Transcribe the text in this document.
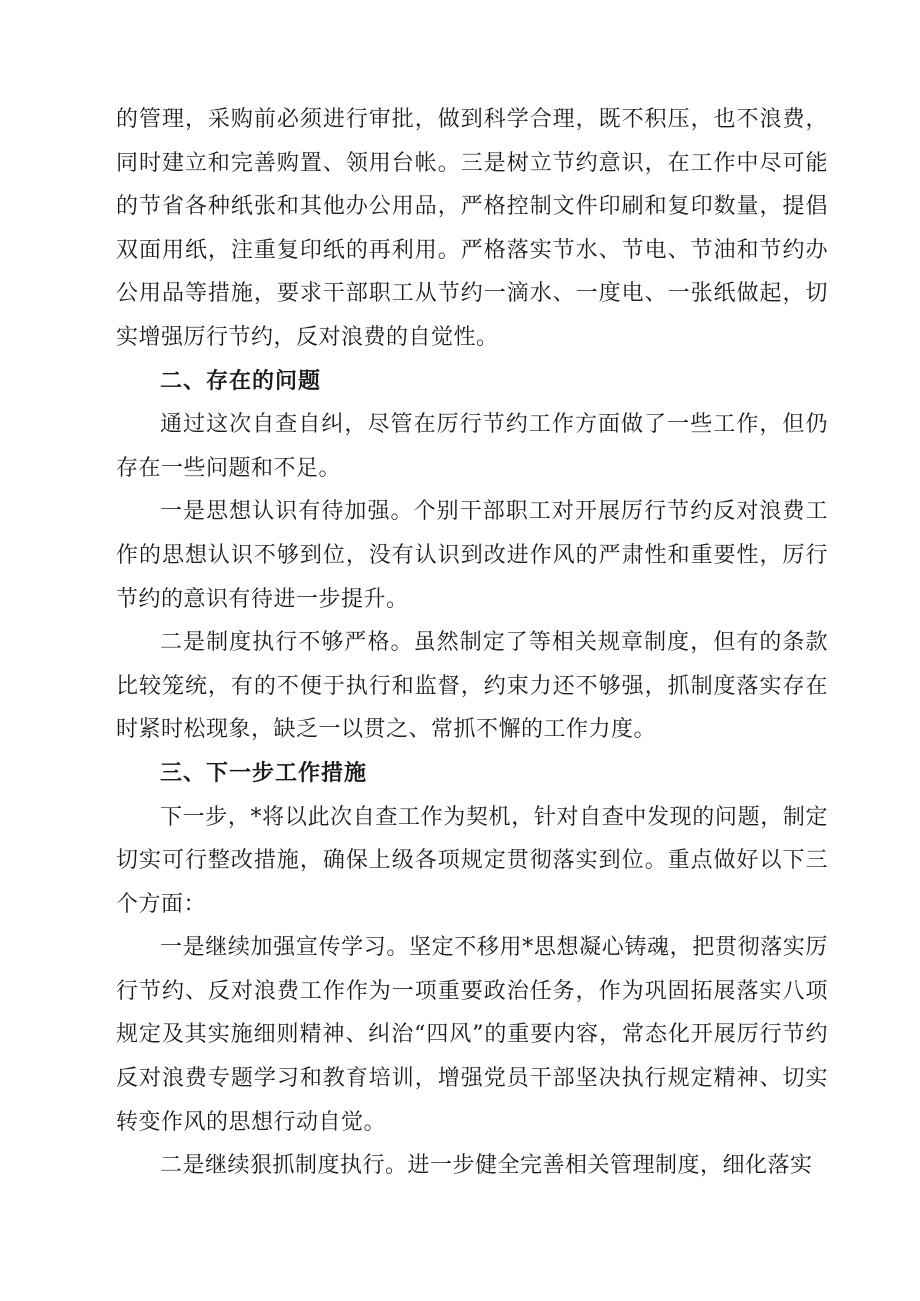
的管理，采购前必须进行审批，做到科学合理，既不积压，也不浪费，同时建立和完善购置、领用台帐。三是树立节约意识，在工作中尽可能的节省各种纸张和其他办公用品，严格控制文件印刷和复印数量，提倡双面用纸，注重复印纸的再利用。严格落实节水、节电、节油和节约办公用品等措施，要求干部职工从节约一滴水、一度电、一张纸做起，切实增强厉行节约，反对浪费的自觉性。

二、存在的问题

通过这次自查自纠，尽管在厉行节约工作方面做了一些工作，但仍存在一些问题和不足。

一是思想认识有待加强。个别干部职工对开展厉行节约反对浪费工作的思想认识不够到位，没有认识到改进作风的严肃性和重要性，厉行节约的意识有待进一步提升。

二是制度执行不够严格。虽然制定了等相关规章制度，但有的条款比较笼统，有的不便于执行和监督，约束力还不够强，抓制度落实存在时紧时松现象，缺乏一以贯之、常抓不懈的工作力度。

三、下一步工作措施

下一步，*将以此次自查工作为契机，针对自查中发现的问题，制定切实可行整改措施，确保上级各项规定贯彻落实到位。重点做好以下三个方面：

一是继续加强宣传学习。坚定不移用*思想凝心铸魂，把贯彻落实厉行节约、反对浪费工作作为一项重要政治任务，作为巩固拓展落实八项规定及其实施细则精神、纠治“四风”的重要内容，常态化开展厉行节约反对浪费专题学习和教育培训，增强党员干部坚决执行规定精神、切实转变作风的思想行动自觉。

二是继续狠抓制度执行。进一步健全完善相关管理制度，细化落实
